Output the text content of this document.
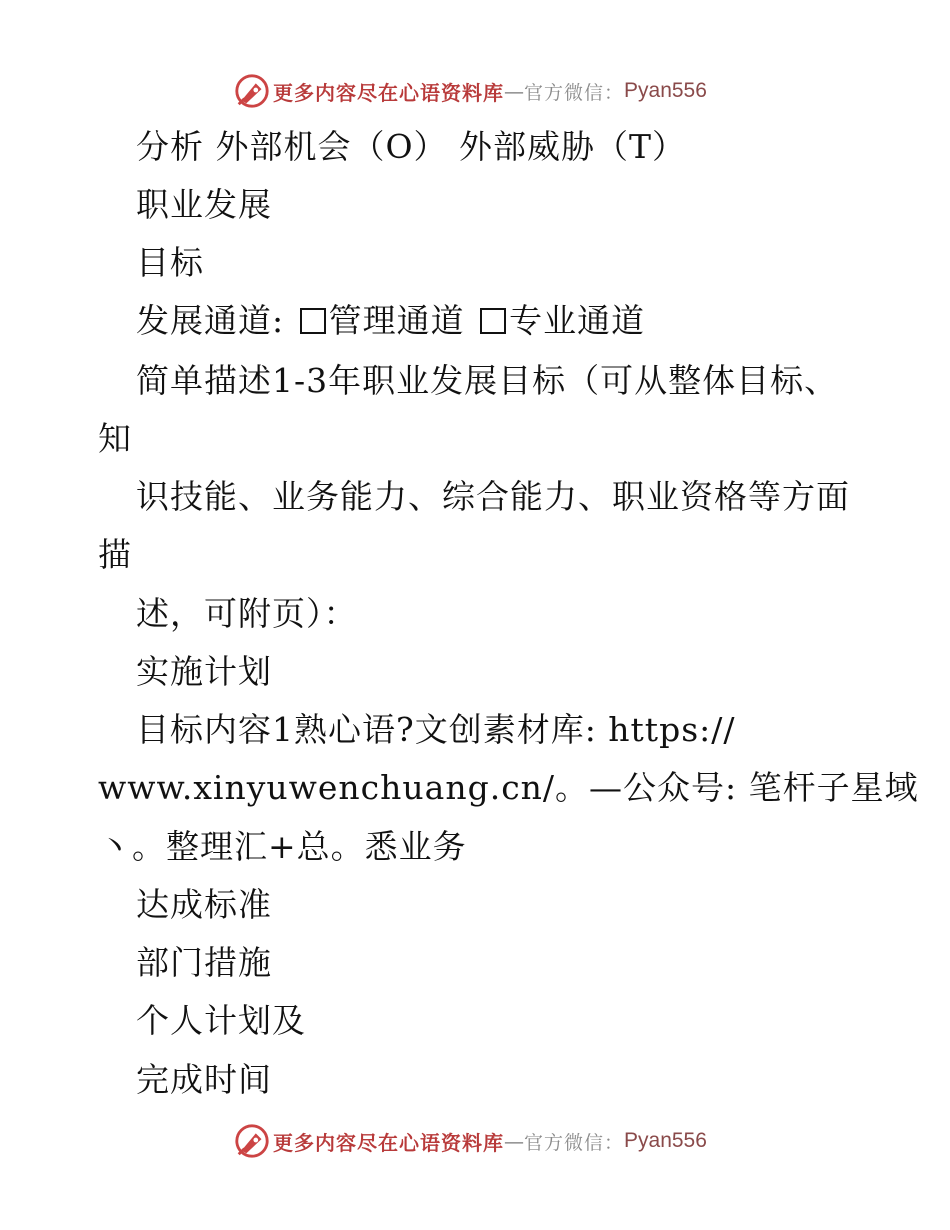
更多内容尽在心语资料库 — 官方微信： Pyan556
分析 外部机会（O） 外部威胁（T）
职业发展
目标
发展通道: 管理通道 专业通道
简单描述1-3年职业发展目标（可从整体目标、
知
识技能、业务能力、综合能力、职业资格等方面
描
述，可附页）：
实施计划
目标内容1熟心语?文创素材库: https://
www.xinyuwenchuang.cn/。—公众号: 笔杆子星域
丶。整理汇+总。悉业务
达成标准
部门措施
个人计划及
完成时间
更多内容尽在心语资料库 — 官方微信： Pyan556
